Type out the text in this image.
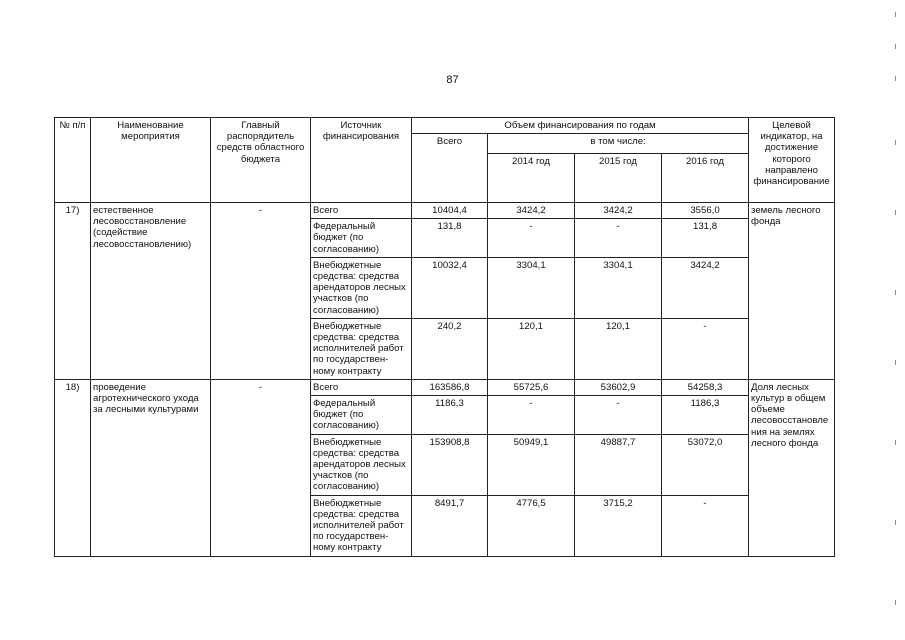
87
№ п/п	Наименование мероприятия	Главный распорядитель средств областного бюджета	Источник финансирования	Объем финансирования по годам				Целевой индикатор, на достижение которого направлено финансирование
				Всего	в том числе:			
					2014 год	2015 год	2016 год	
17)	естественное лесовосстановление (содействие лесовосстановлению)	-	Всего	10404,4	3424,2	3424,2	3556,0	земель лесного фонда
			Федеральный бюджет (по согласованию)	131,8	-	-	131,8	
			Внебюджетные средства: средства арендаторов лесных участков (по согласованию)	10032,4	3304,1	3304,1	3424,2	
			Внебюджетные средства: средства исполнителей работ по государствен-ному контракту	240,2	120,1	120,1	-	
18)	проведение агротехнического ухода за лесными культурами	-	Всего	163586,8	55725,6	53602,9	54258,3	Доля лесных культур в общем объеме лесовосстановле ния на землях лесного фонда
			Федеральный бюджет (по согласованию)	1186,3	-	-	1186,3	
			Внебюджетные средства: средства арендаторов лесных участков (по согласованию)	153908,8	50949,1	49887,7	53072,0	
			Внебюджетные средства: средства исполнителей работ по государствен-ному контракту	8491,7	4776,5	3715,2	-	
